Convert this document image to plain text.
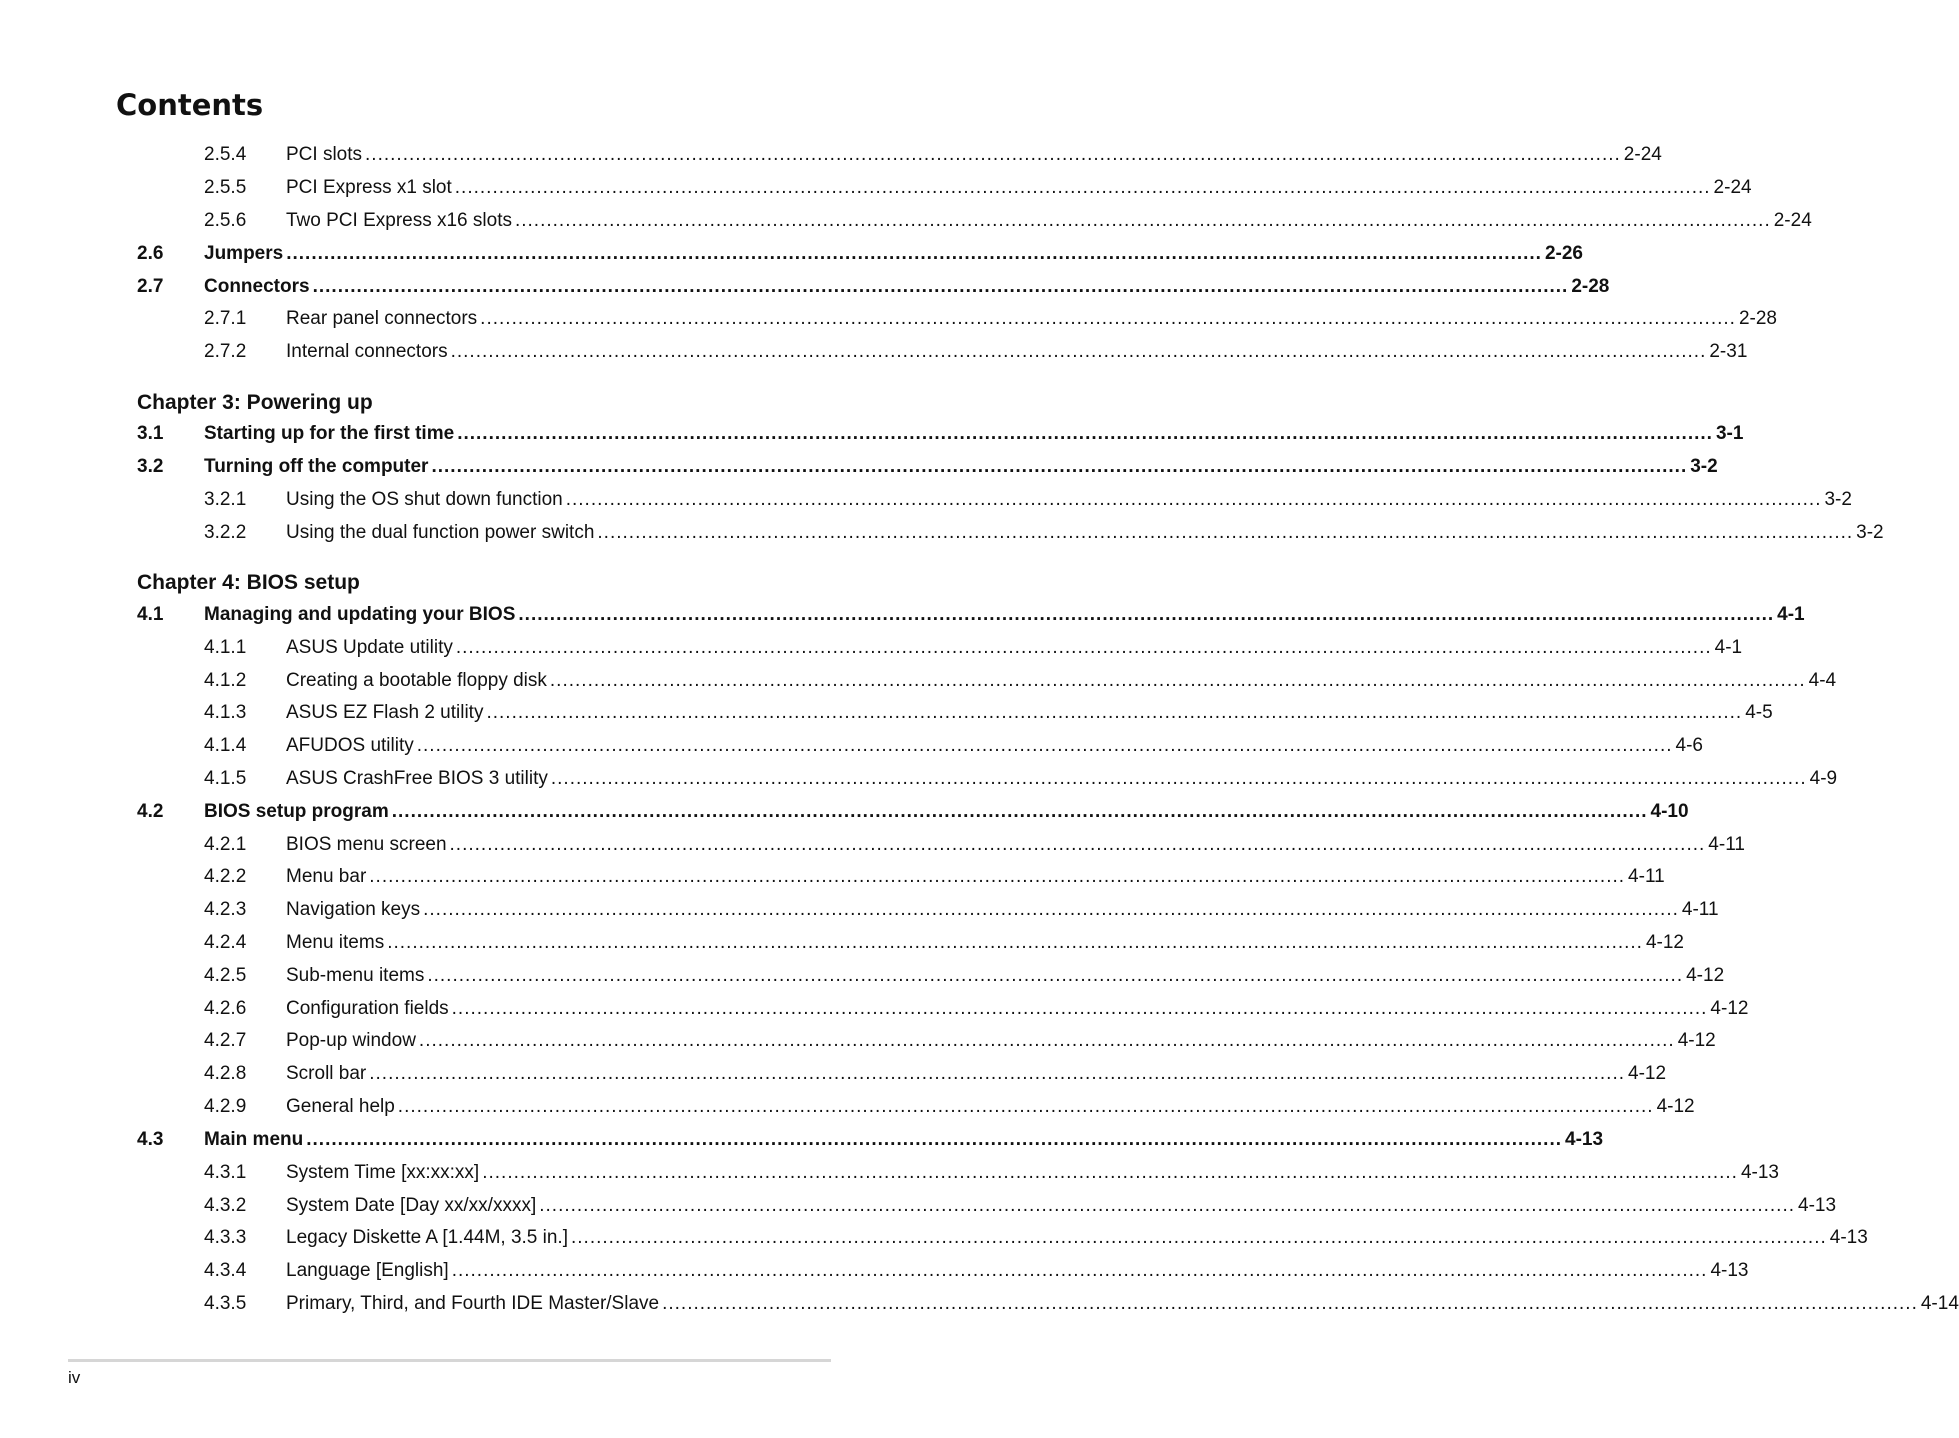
Contents
2.5.4	PCI slots ........................................................................................................................................................................................................ 2-24
2.5.5	PCI Express x1 slot ........................................................................................................................................................................................................ 2-24
2.5.6	Two PCI Express x16 slots ........................................................................................................................................................................................................ 2-24
2.6	Jumpers ........................................................................................................................................................................................................ 2-26
2.7	Connectors ........................................................................................................................................................................................................ 2-28
2.7.1	Rear panel connectors ........................................................................................................................................................................................................ 2-28
2.7.2	Internal connectors ........................................................................................................................................................................................................ 2-31
Chapter 3: Powering up
3.1	Starting up for the first time ........................................................................................................................................................................................................ 3-1
3.2	Turning off the computer ........................................................................................................................................................................................................ 3-2
3.2.1	Using the OS shut down function ........................................................................................................................................................................................................ 3-2
3.2.2	Using the dual function power switch ........................................................................................................................................................................................................ 3-2
Chapter 4: BIOS setup
4.1	Managing and updating your BIOS ........................................................................................................................................................................................................ 4-1
4.1.1	ASUS Update utility ........................................................................................................................................................................................................ 4-1
4.1.2	Creating a bootable floppy disk ........................................................................................................................................................................................................ 4-4
4.1.3	ASUS EZ Flash 2 utility ........................................................................................................................................................................................................ 4-5
4.1.4	AFUDOS utility ........................................................................................................................................................................................................ 4-6
4.1.5	ASUS CrashFree BIOS 3 utility ........................................................................................................................................................................................................ 4-9
4.2	BIOS setup program ........................................................................................................................................................................................................ 4-10
4.2.1	BIOS menu screen ........................................................................................................................................................................................................ 4-11
4.2.2	Menu bar ........................................................................................................................................................................................................ 4-11
4.2.3	Navigation keys ........................................................................................................................................................................................................ 4-11
4.2.4	Menu items ........................................................................................................................................................................................................ 4-12
4.2.5	Sub-menu items ........................................................................................................................................................................................................ 4-12
4.2.6	Configuration fields ........................................................................................................................................................................................................ 4-12
4.2.7	Pop-up window ........................................................................................................................................................................................................ 4-12
4.2.8	Scroll bar ........................................................................................................................................................................................................ 4-12
4.2.9	General help ........................................................................................................................................................................................................ 4-12
4.3	Main menu ........................................................................................................................................................................................................ 4-13
4.3.1	System Time [xx:xx:xx] ........................................................................................................................................................................................................ 4-13
4.3.2	System Date [Day xx/xx/xxxx] ........................................................................................................................................................................................................ 4-13
4.3.3	Legacy Diskette A [1.44M, 3.5 in.] ........................................................................................................................................................................................................ 4-13
4.3.4	Language [English] ........................................................................................................................................................................................................ 4-13
4.3.5	Primary, Third, and Fourth IDE Master/Slave ........................................................................................................................................................................................................ 4-14
iv
